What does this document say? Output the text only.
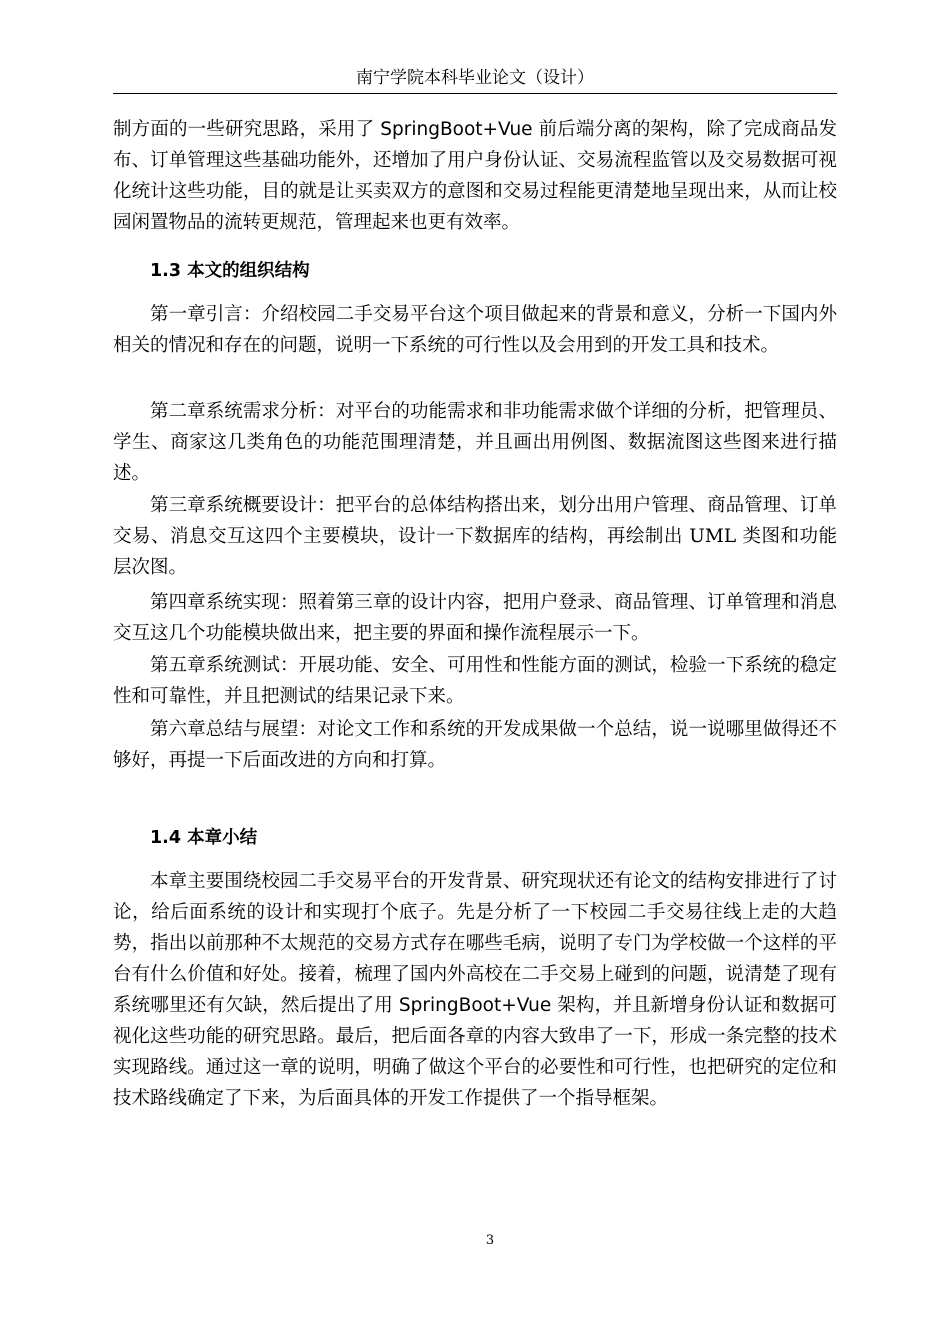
南宁学院本科毕业论文（设计）

制方面的一些研究思路，采用了 SpringBoot+Vue 前后端分离的架构，除了完成商品发布、订单管理这些基础功能外，还增加了用户身份认证、交易流程监管以及交易数据可视化统计这些功能，目的就是让买卖双方的意图和交易过程能更清楚地呈现出来，从而让校园闲置物品的流转更规范，管理起来也更有效率。

1.3 本文的组织结构

第一章引言：介绍校园二手交易平台这个项目做起来的背景和意义，分析一下国内外相关的情况和存在的问题，说明一下系统的可行性以及会用到的开发工具和技术。

第二章系统需求分析：对平台的功能需求和非功能需求做个详细的分析，把管理员、学生、商家这几类角色的功能范围理清楚，并且画出用例图、数据流图这些图来进行描述。

第三章系统概要设计：把平台的总体结构搭出来，划分出用户管理、商品管理、订单交易、消息交互这四个主要模块，设计一下数据库的结构，再绘制出 UML 类图和功能层次图。

第四章系统实现：照着第三章的设计内容，把用户登录、商品管理、订单管理和消息交互这几个功能模块做出来，把主要的界面和操作流程展示一下。

第五章系统测试：开展功能、安全、可用性和性能方面的测试，检验一下系统的稳定性和可靠性，并且把测试的结果记录下来。

第六章总结与展望：对论文工作和系统的开发成果做一个总结，说一说哪里做得还不够好，再提一下后面改进的方向和打算。

1.4 本章小结

本章主要围绕校园二手交易平台的开发背景、研究现状还有论文的结构安排进行了讨论，给后面系统的设计和实现打个底子。先是分析了一下校园二手交易往线上走的大趋势，指出以前那种不太规范的交易方式存在哪些毛病，说明了专门为学校做一个这样的平台有什么价值和好处。接着，梳理了国内外高校在二手交易上碰到的问题，说清楚了现有系统哪里还有欠缺，然后提出了用 SpringBoot+Vue 架构，并且新增身份认证和数据可视化这些功能的研究思路。最后，把后面各章的内容大致串了一下，形成一条完整的技术实现路线。通过这一章的说明，明确了做这个平台的必要性和可行性，也把研究的定位和技术路线确定了下来，为后面具体的开发工作提供了一个指导框架。

3
